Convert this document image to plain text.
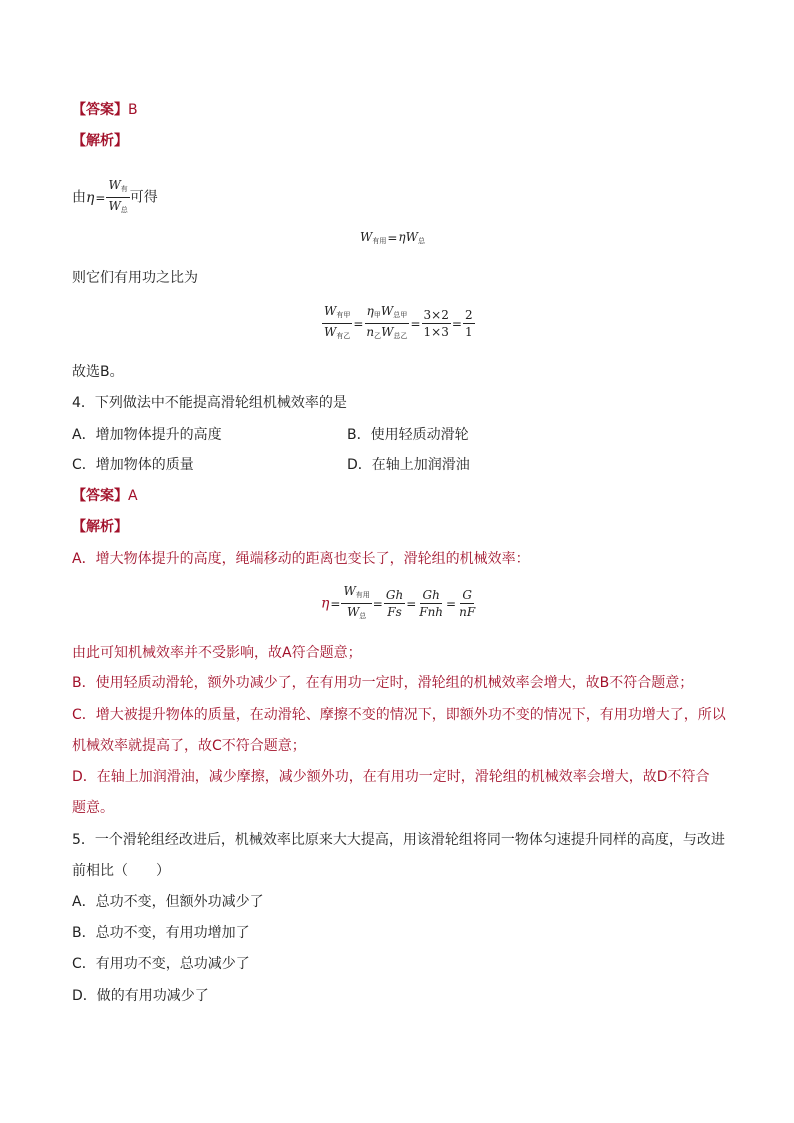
【答案】B
【解析】
由$\eta= \frac{W_有}{W_总}$ 可得
$W_{有用}=\eta W_总$
则它们有用功之比为
$\frac{W_{有甲}}{W_{有乙}} = \frac{\eta_甲W_{总甲}}{n_乙W_{总乙}} = \frac{3\times 2}{1\times 3} = \frac{2}{1}$
故选B。
4．下列做法中不能提高滑轮组机械效率的是
A．增加物体提升的高度	B．使用轻质动滑轮
C．增加物体的质量	D．在轴上加润滑油
【答案】A
【解析】
A．增大物体提升的高度，绳端移动的距离也变长了，滑轮组的机械效率：
$\eta= \frac{W_{有用}}{W_总} = \frac{Gh}{Fs} = \frac{Gh}{\text{Fnh}} = \frac{G}{nF}$
由此可知机械效率并不受影响，故A符合题意；
B．使用轻质动滑轮，额外功减少了，在有用功一定时，滑轮组的机械效率会增大，故B不符合题意；
C．增大被提升物体的质量，在动滑轮、摩擦不变的情况下，即额外功不变的情况下，有用功增大了，所以
机械效率就提高了，故C不符合题意；
D．在轴上加润滑油，减少摩擦，减少额外功，在有用功一定时，滑轮组的机械效率会增大，故D不符合
题意。
5．一个滑轮组经改进后，机械效率比原来大大提高，用该滑轮组将同一物体匀速提升同样的高度，与改进
前相比（　　）
A．总功不变，但额外功减少了
B．总功不变，有用功增加了
C．有用功不变，总功减少了
D．做的有用功减少了
